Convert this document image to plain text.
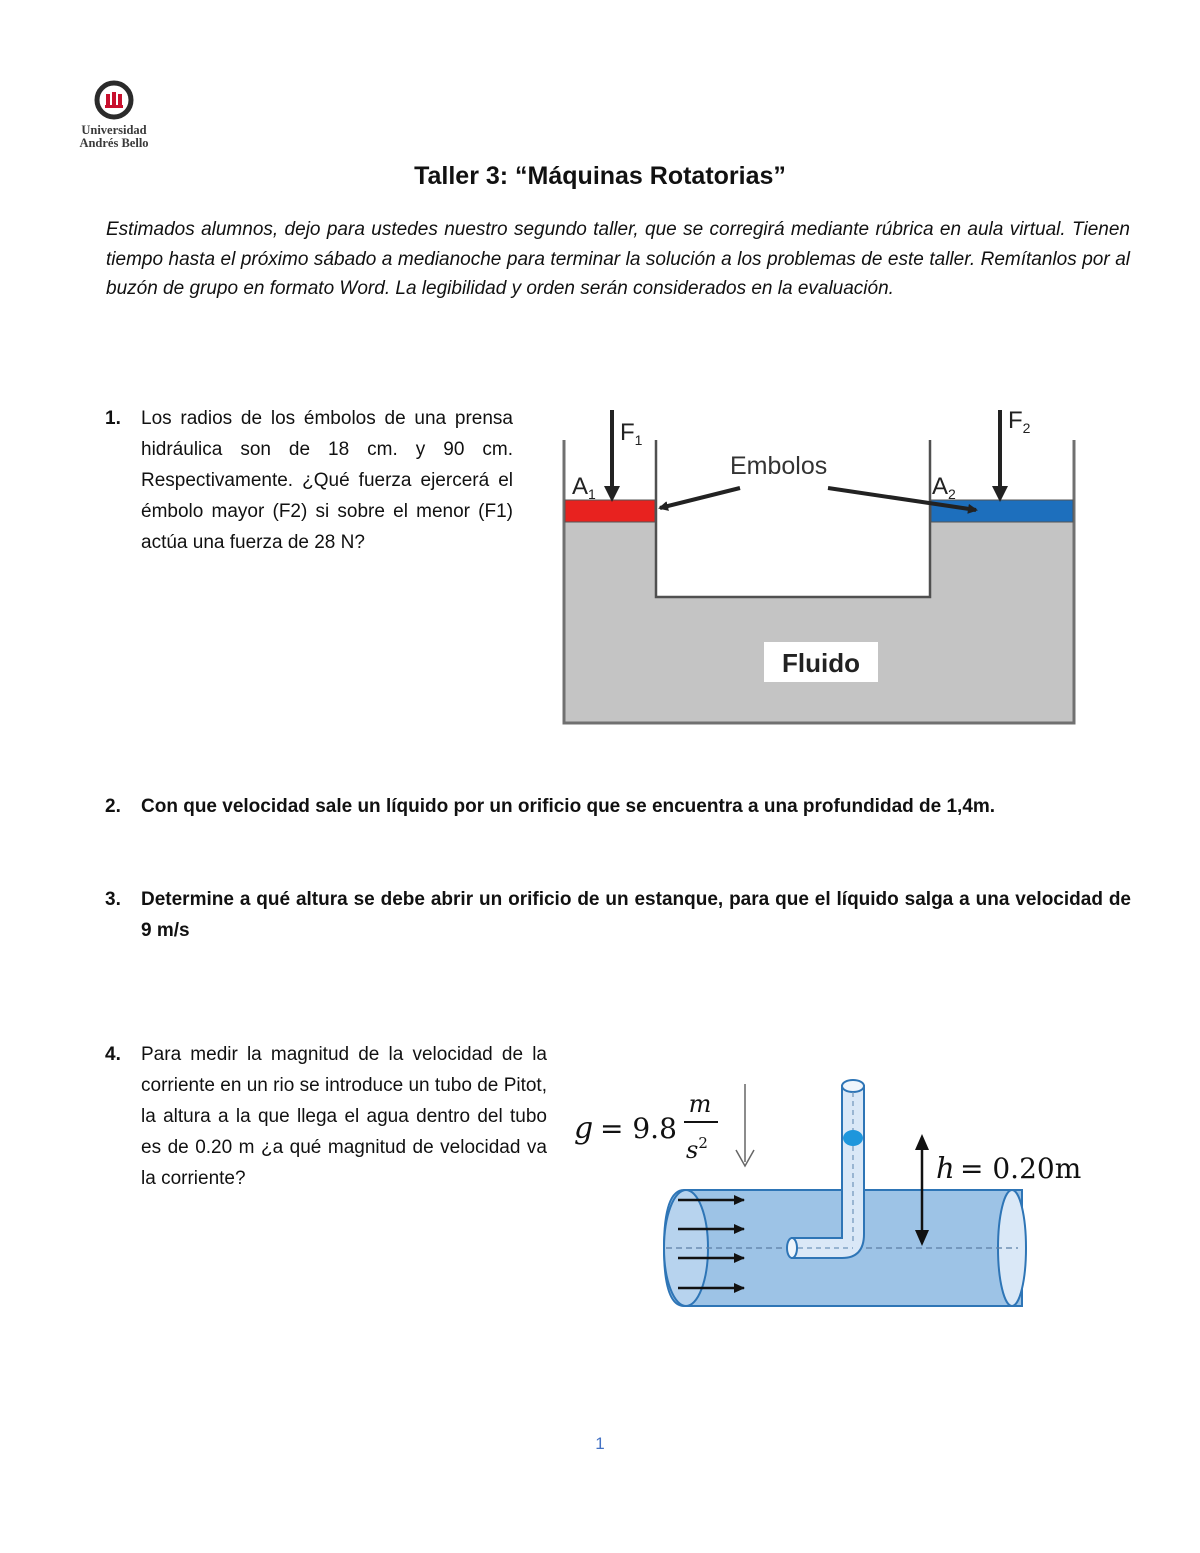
Universidad
Andrés Bello
Taller 3: “Máquinas Rotatorias”

Estimados alumnos, dejo para ustedes nuestro segundo taller, que se corregirá mediante rúbrica en aula virtual. Tienen tiempo hasta el próximo sábado a medianoche para terminar la solución a los problemas de este taller. Remítanlos por al buzón de grupo en formato Word. La legibilidad y orden serán considerados en la evaluación.

1. Los radios de los émbolos de una prensa hidráulica son de 18 cm. y 90 cm. Respectivamente. ¿Qué fuerza ejercerá el émbolo mayor (F2) si sobre el menor (F1) actúa una fuerza de 28 N?
$F_1$
$F_2$
$A_1$	$A_2$
Embolos
Fluido
2. Con que velocidad sale un líquido por un orificio que se encuentra a una profundidad de 1,4m.
3. Determine a qué altura se debe abrir un orificio de un estanque, para que el líquido salga a una velocidad de 9 m/s
4. Para medir la magnitud de la velocidad de la corriente en un rio se introduce un tubo de Pitot, la altura a la que llega el agua dentro del tubo es de 0.20 m ¿a qué magnitud de velocidad va la corriente?
g = 9.8
m
$s^2$
h = 0.20m

1
